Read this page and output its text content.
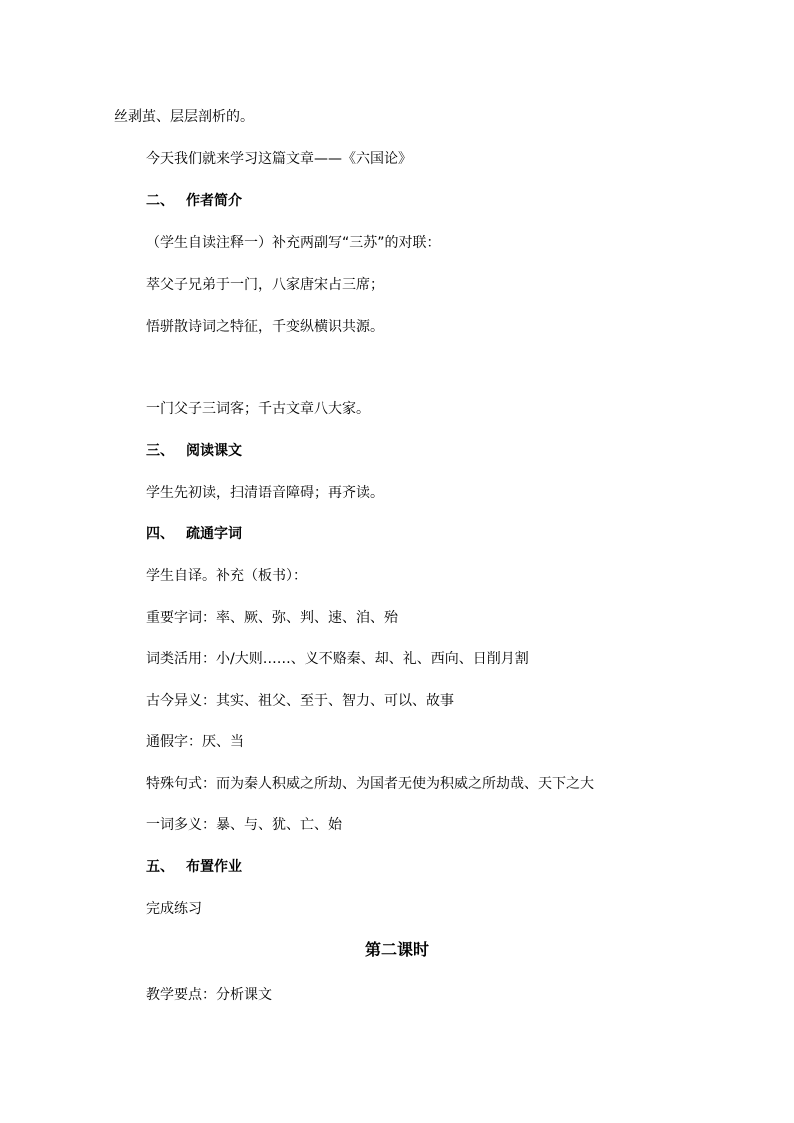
丝剥茧、层层剖析的。
今天我们就来学习这篇文章——《六国论》
二、 作者简介
（学生自读注释一）补充两副写“三苏”的对联：
萃父子兄弟于一门，八家唐宋占三席；
悟骈散诗词之特征，千变纵横识共源。
一门父子三词客；千古文章八大家。
三、 阅读课文
学生先初读，扫清语音障碍；再齐读。
四、 疏通字词
学生自译。补充（板书）：
重要字词：率、厥、弥、判、速、洎、殆
词类活用：小/大则……、义不赂秦、却、礼、西向、日削月割
古今异义：其实、祖父、至于、智力、可以、故事
通假字：厌、当
特殊句式：而为秦人积威之所劫、为国者无使为积威之所劫哉、天下之大
一词多义：暴、与、犹、亡、始
五、 布置作业
完成练习
第二课时
教学要点：分析课文
